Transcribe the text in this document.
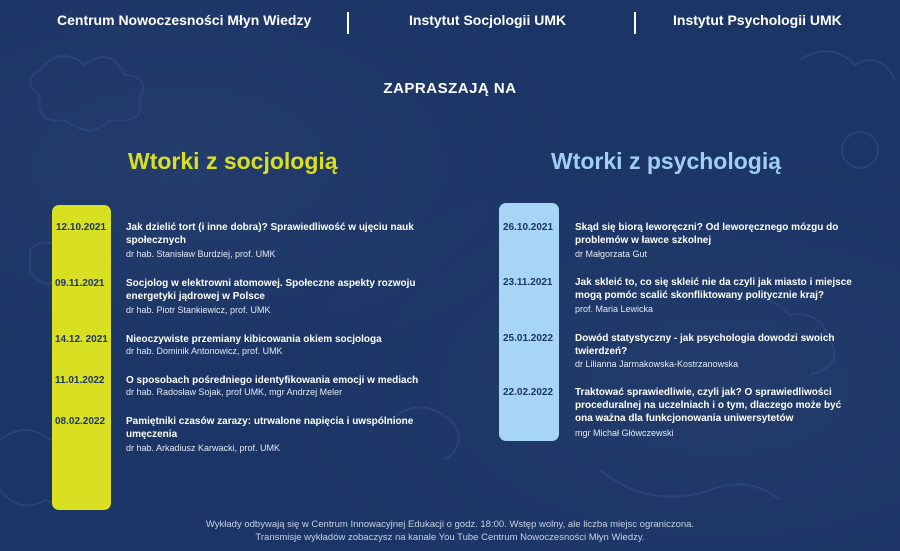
Centrum Nowoczesności Młyn Wiedzy	Instytut Socjologii UMK	Instytut Psychologii UMK
ZAPRASZAJĄ NA
Wtorki z socjologią	Wtorki z psychologią
12.10.2021 Jak dzielić tort (i inne dobra)? Sprawiedliwość w ujęciu nauk
społecznych
dr hab. Stanisław Burdziej, prof. UMK
09.11.2021 Socjolog w elektrowni atomowej. Społeczne aspekty rozwoju
energetyki jądrowej w Polsce
dr hab. Piotr Stankiewicz, prof. UMK
14.12. 2021 Nieoczywiste przemiany kibicowania okiem socjologa
dr hab. Dominik Antonowicz, prof. UMK
11.01.2022 O sposobach pośredniego identyfikowania emocji w mediach
dr hab. Radosław Sojak, prof UMK, mgr Andrzej Meler
08.02.2022 Pamiętniki czasów zarazy: utrwalone napięcia i uwspólnione
umęczenia
dr hab. Arkadiusz Karwacki, prof. UMK
26.10.2021 Skąd się biorą leworęczni? Od leworęcznego mózgu do
problemów w ławce szkolnej
dr Małgorzata Gut
23.11.2021 Jak skleić to, co się skleić nie da czyli jak miasto i miejsce
mogą pomóc scalić skonfliktowany politycznie kraj?
prof. Maria Lewicka
25.01.2022 Dowód statystyczny - jak psychologia dowodzi swoich
twierdzeń?
dr Lilianna Jarmakowska-Kostrzanowska
22.02.2022 Traktować sprawiedliwie, czyli jak? O sprawiedliwości
proceduralnej na uczelniach i o tym, dlaczego może być
ona ważna dla funkcjonowania uniwersytetów
mgr Michał Główczewski
Wykłady odbywają się w Centrum Innowacyjnej Edukacji o godz. 18:00. Wstęp wolny, ale liczba miejsc ograniczona.
Transmisje wykładów zobaczysz na kanale You Tube Centrum Nowoczesności Młyn Wiedzy.
